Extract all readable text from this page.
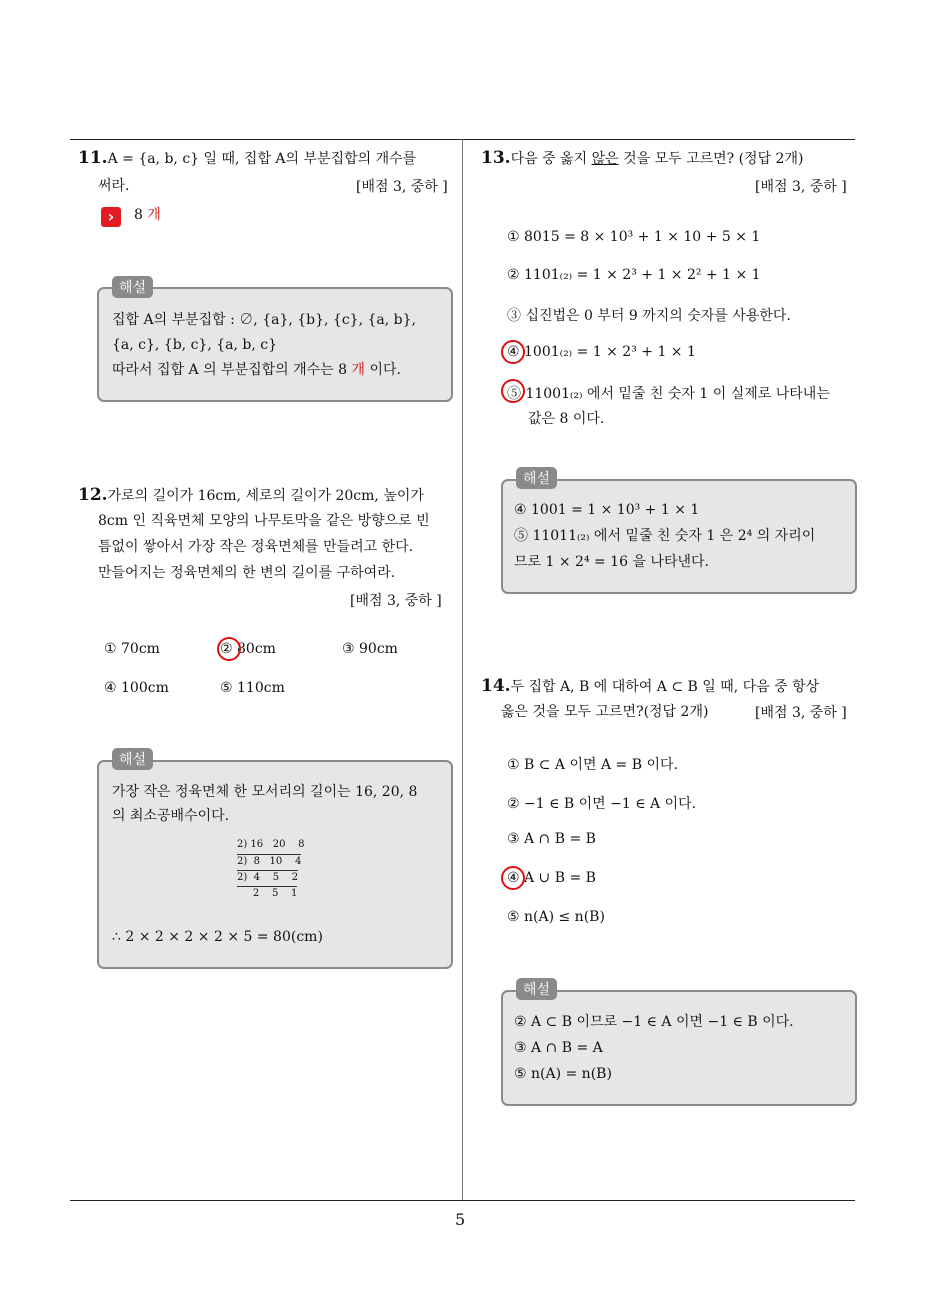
5
11.A = {a, b, c} 일 때, 집합 A의 부분집합의 개수를
써라.	[배점 3, 중하 ]
›	8 개
해설
집합 A의 부분집합 : ∅, {a}, {b}, {c}, {a, b},
{a, c}, {b, c}, {a, b, c}
따라서 집합 A 의 부분집합의 개수는 8 개 이다.
12.가로의 길이가 16cm, 세로의 길이가 20cm, 높이가
8cm 인 직육면체 모양의 나무토막을 같은 방향으로 빈
틈없이 쌓아서 가장 작은 정육면체를 만들려고 한다.
만들어지는 정육면체의 한 변의 길이를 구하여라.
[배점 3, 중하 ]
① 70cm	② 80cm	③ 90cm
④ 100cm	⑤ 110cm
해설
가장 작은 정육면체 한 모서리의 길이는 16, 20, 8
의 최소공배수이다.
2) 16   20    8
2)  8   10    4
2)  4    5    2
2    5    1
∴ 2 × 2 × 2 × 2 × 5 = 80(cm)
13.다음 중 옳지 않은 것을 모두 고르면? (정답 2개)
[배점 3, 중하 ]
① 8015 = 8 × 10³ + 1 × 10 + 5 × 1
② 1101₍₂₎ = 1 × 2³ + 1 × 2² + 1 × 1
③ 십진법은 0 부터 9 까지의 숫자를 사용한다.
④ 1001₍₂₎ = 1 × 2³ + 1 × 1
⑤ 11001₍₂₎ 에서 밑줄 친 숫자 1 이 실제로 나타내는
값은 8 이다.
해설
④ 1001 = 1 × 10³ + 1 × 1
⑤ 11011₍₂₎ 에서 밑줄 친 숫자 1 은 2⁴ 의 자리이
므로 1 × 2⁴ = 16 을 나타낸다.
14.두 집합 A, B 에 대하여 A ⊂ B 일 때, 다음 중 항상
옳은 것을 모두 고르면?(정답 2개)	[배점 3, 중하 ]
① B ⊂ A 이면 A = B 이다.
② −1 ∈ B 이면 −1 ∈ A 이다.
③ A ∩ B = B
④ A ∪ B = B
⑤ n(A) ≤ n(B)
해설
② A ⊂ B 이므로 −1 ∈ A 이면 −1 ∈ B 이다.
③ A ∩ B = A
⑤ n(A) = n(B)
